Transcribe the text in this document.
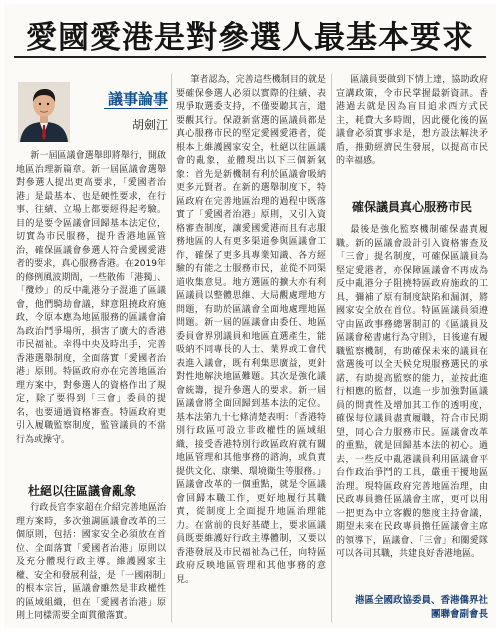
愛國愛港是對參選人最基本要求
議事論事
胡劍江
新一屆區議會選舉即將舉行，開啟地區治理新篇章。新一屆區議會選舉對參選人提出更高要求，「愛國者治港」是最基本、也是硬性要求，在行事、往績、立場上都要經得起考驗。目的是要令區議會回歸基本法定位，切實為市民服務，提升香港地區管治，確保區議會參選人符合愛國愛港者的要求，真心服務香港。在2019年的修例風波期間，一些散佈「港獨」、「攬炒」的反中亂港分子混進了區議會，他們騎劫會議，肆意阻撓政府施政，令原本應為地區服務的區議會淪為政治鬥爭場所，損害了廣大的香港市民福祉。幸得中央及時出手，完善香港選舉制度，全面落實「愛國者治港」原則。特區政府亦在完善地區治理方案中，對參選人的資格作出了規定，除了要得到「三會」委員的提名，也要通過資格審查。特區政府更引入履職監察制度，監管議員的不當行為或操守。
杜絕以往區議會亂象
行政長官李家超在介紹完善地區治理方案時，多次強調區議會改革的三個原則，包括：國家安全必須放在首位、全面落實「愛國者治港」原則以及充分體現行政主導。維護國家主權、安全和發展利益，是「一國兩制」的根本宗旨，區議會雖然是非政權性的區域組織，但在「愛國者治港」原則上同樣需要全面貫徹落實。
筆者認為，完善這些機制目的就是要確保參選人必須以實際的往績、表現爭取選委支持，不僅要聽其言，還要觀其行。保證新當選的區議員都是真心服務市民的堅定愛國愛港者，從根本上維護國家安全，杜絕以往區議會的亂象，並體現出以下三個新氣象：首先是新機制有利於區議會吸納更多元賢者。在新的選舉制度下，特區政府在完善地區治理的過程中既落實了「愛國者治港」原則，又引入資格審查制度，讓愛國愛港而且有志服務地區的人有更多渠道參與區議會工作，確保了更多具專業知識、各方經驗的有能之士服務市民，並從不同渠道收集意見。地方選區的擴大亦有利區議員以整體思維、大局觀處理地方問題，有助於區議會全面地處理地區問題。新一屆的區議會由委任、地區委員會界別議員和地區直選產生，能吸納不同專長的人士、業界或工會代表進入議會，既有利集思廣益，更針對性地解決地區難題。其次是強化議會統籌，提升參選人的要求。新一屆區議會將全面回歸到基本法的定位。基本法第九十七條清楚表明：「香港特別行政區可設立非政權性的區域組織，接受香港特別行政區政府就有關地區管理和其他事務的諮詢，或負責提供文化、康樂、環境衞生等服務。」區議會改革的一個重點，就是令區議會回歸本職工作，更好地履行其職責，從制度上全面提升地區治理能力。在當前的良好基礎上，要求區議員既要維護好行政主導體制，又要以香港發展及市民福祉為己任，向特區政府反映地區管理和其他事務的意見。
區議員要做到下情上達，協助政府宣講政策，令市民掌握最新資訊。香港過去就是因為盲目追求西方式民主，耗費大多時間，因此優化後的區議會必須實事求是，想方設法解決矛盾，推動經濟民生發展，以提高市民的幸福感。
確保議員真心服務市民
最後是強化監察機制確保盡責履職。新的區議會設計引入資格審查及「三會」提名制度，可確保區議員為堅定愛港者，亦保障區議會不再成為反中亂港分子阻撓特區政府施政的工具，彌補了原有制度缺陷和漏洞，將國家安全放在首位。特區區議員須遵守由區政事務總署制訂的《區議員及區議會秘書處行為守則》，日後違有履職監察機制，有助確保未來的議員在當選後可以全天候兌現服務選民的承諾，有助提高監察的能力，並按此進行相應的監督，以進一步加強對區議員的問責性及增加其工作的透明度，確保每位議員盡責履職，符合市民期望，同心合力服務市民。區議會改革的重點，就是回歸基本法的初心。過去，一些反中亂港議員利用區議會平台作政治爭鬥的工具，嚴重干擾地區治理。現特區政府完善地區治理，由民政專員擔任區議會主席，更可以用一把更為中立客觀的態度主持會議，期望未來在民政專員擔任區議會主席的領導下，區議會、「三會」和關愛隊可以各司其職，共建良好香港地區。
港區全國政協委員、香港僑界社團聯會副會長
